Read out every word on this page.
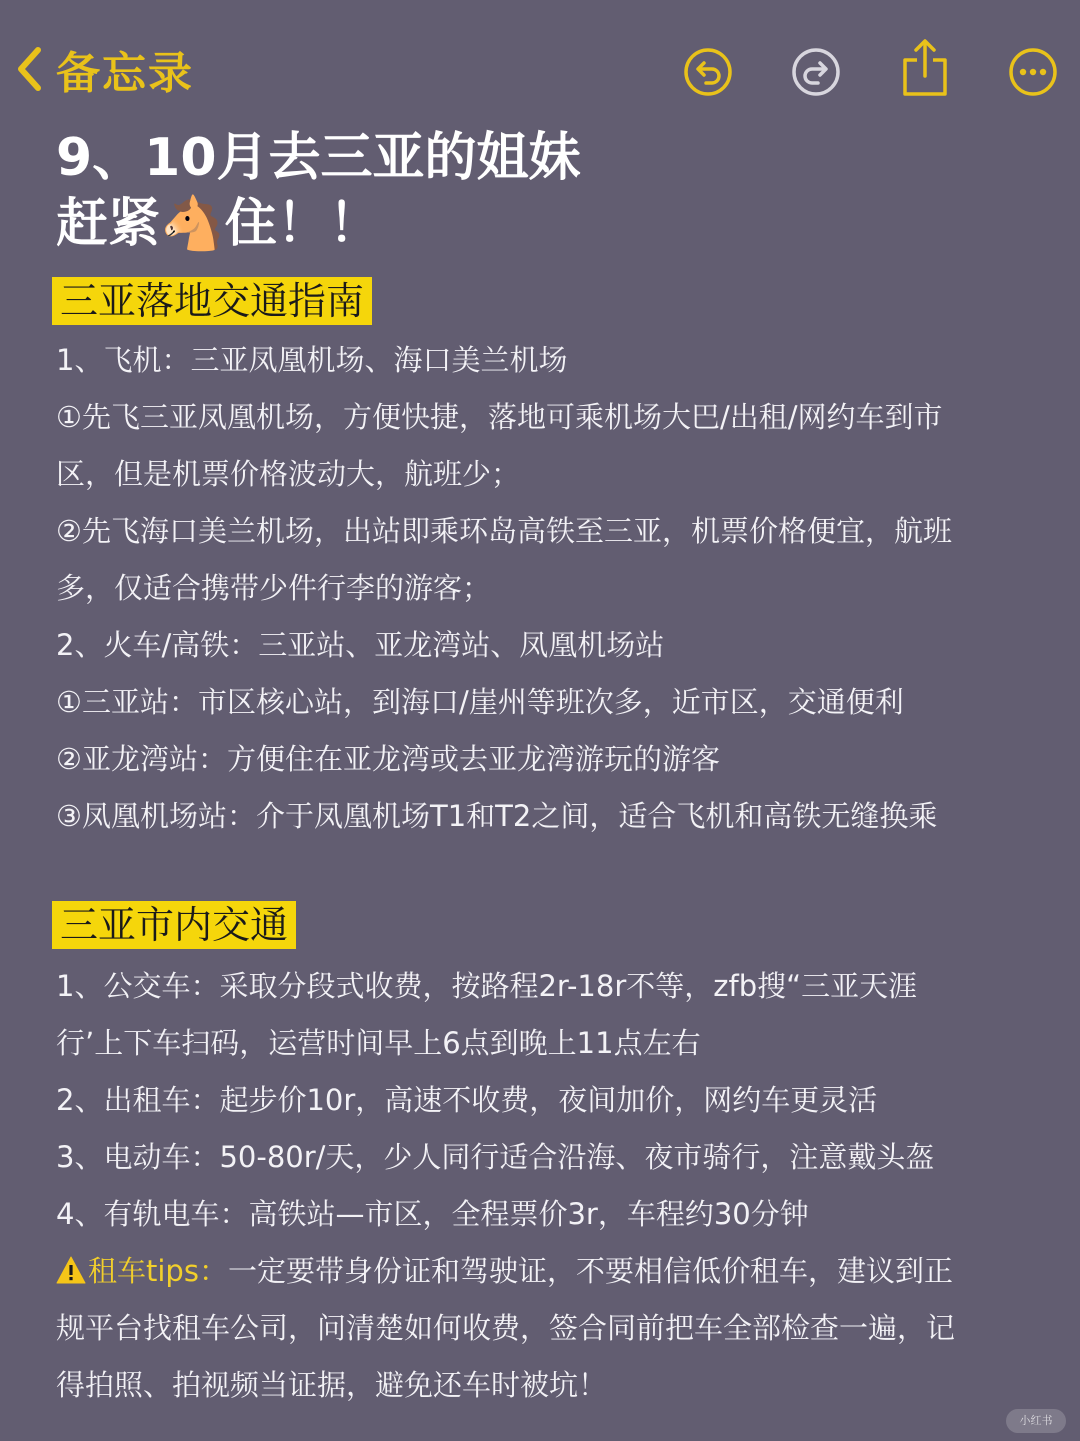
备忘录
9、10月去三亚的姐妹
赶紧🐴住！！
三亚落地交通指南
1、飞机：三亚凤凰机场、海口美兰机场
①先飞三亚凤凰机场，方便快捷，落地可乘机场大巴/出租/网约车到市
区，但是机票价格波动大，航班少；
②先飞海口美兰机场，出站即乘环岛高铁至三亚，机票价格便宜，航班
多，仅适合携带少件行李的游客；
2、火车/高铁：三亚站、亚龙湾站、凤凰机场站
①三亚站：市区核心站，到海口/崖州等班次多，近市区，交通便利
②亚龙湾站：方便住在亚龙湾或去亚龙湾游玩的游客
③凤凰机场站：介于凤凰机场T1和T2之间，适合飞机和高铁无缝换乘
三亚市内交通
1、公交车：采取分段式收费，按路程2r-18r不等，zfb搜“三亚天涯
行’上下车扫码，运营时间早上6点到晚上11点左右
2、出租车：起步价10r，高速不收费，夜间加价，网约车更灵活
3、电动车：50-80r/天，少人同行适合沿海、夜市骑行，注意戴头盔
4、有轨电车：高铁站—市区，全程票价3r，车程约30分钟
租车tips：一定要带身份证和驾驶证，不要相信低价租车，建议到正
规平台找租车公司，问清楚如何收费，签合同前把车全部检查一遍，记
得拍照、拍视频当证据，避免还车时被坑！
小红书
